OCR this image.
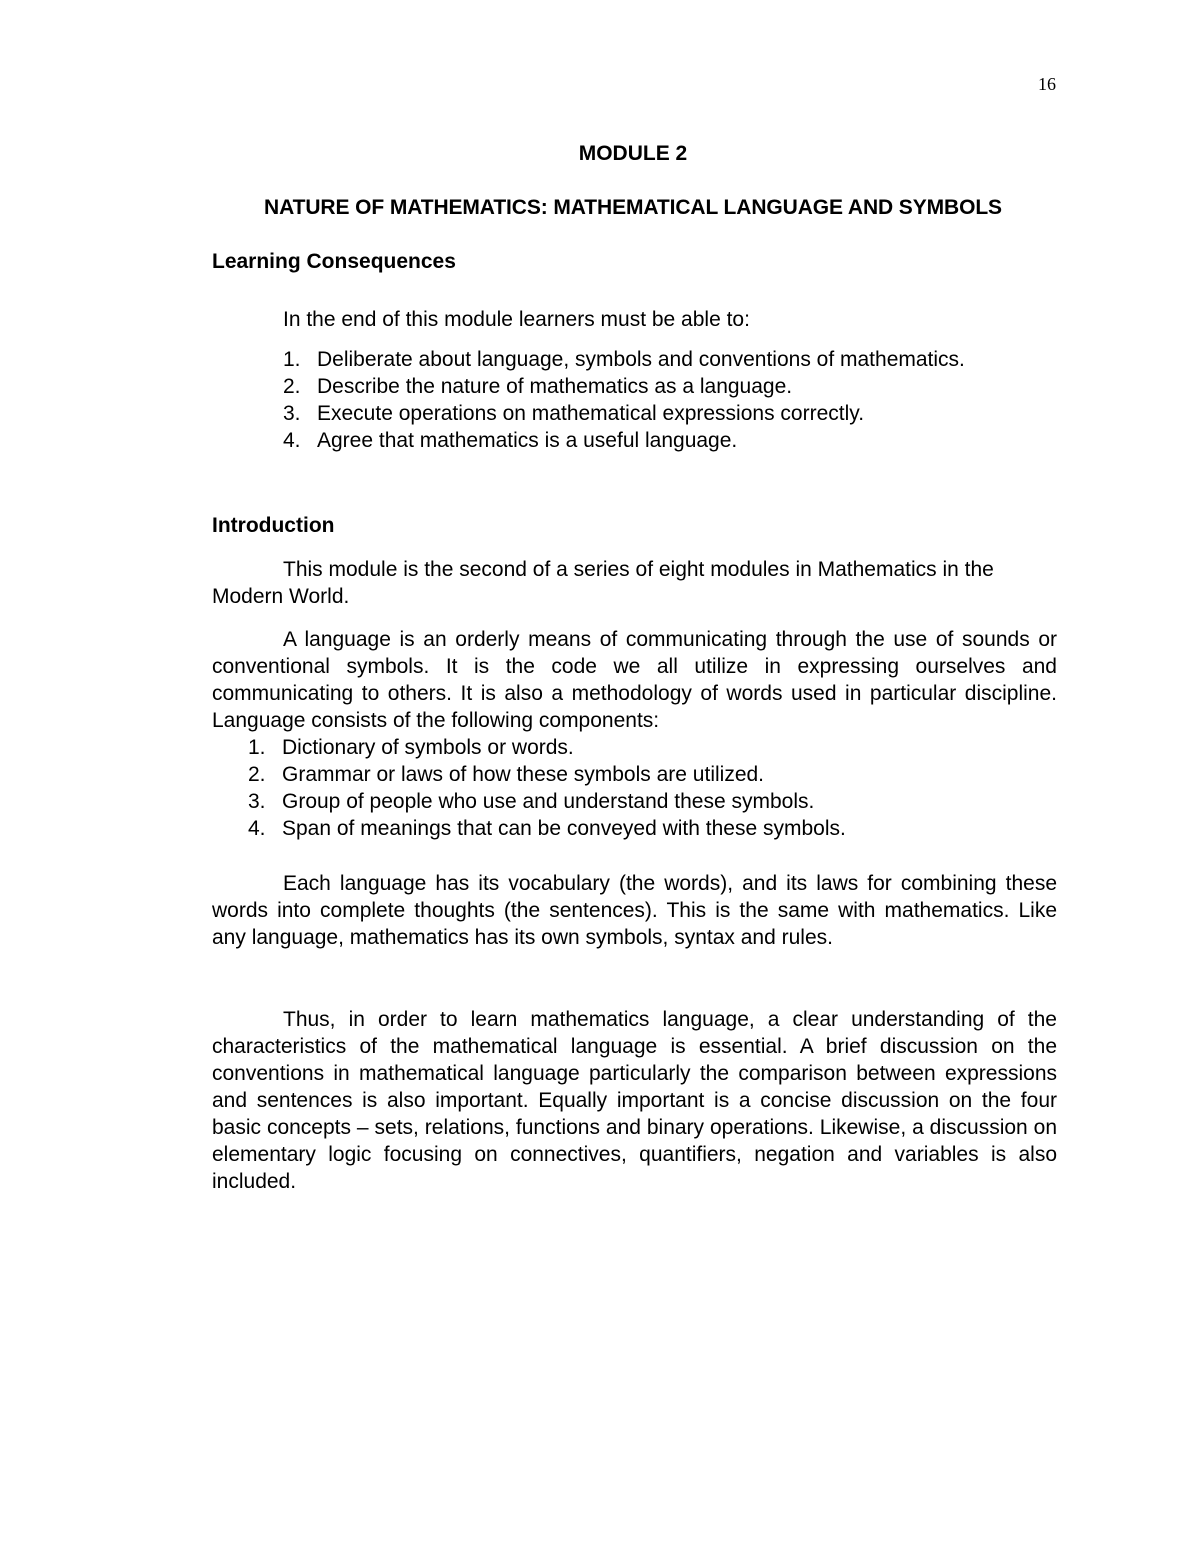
16
MODULE 2
NATURE OF MATHEMATICS: MATHEMATICAL LANGUAGE AND SYMBOLS
Learning Consequences
In the end of this module learners must be able to:
1. Deliberate about language, symbols and conventions of mathematics.
2. Describe the nature of mathematics as a language.
3. Execute operations on mathematical expressions correctly.
4. Agree that mathematics is a useful language.
Introduction

This module is the second of a series of eight modules in Mathematics in the Modern World.

A language is an orderly means of communicating through the use of sounds or conventional symbols. It is the code we all utilize in expressing ourselves and communicating to others. It is also a methodology of words used in particular discipline. Language consists of the following components:

1. Dictionary of symbols or words.
2. Grammar or laws of how these symbols are utilized.
3. Group of people who use and understand these symbols.
4. Span of meanings that can be conveyed with these symbols.

Each language has its vocabulary (the words), and its laws for combining these words into complete thoughts (the sentences). This is the same with mathematics. Like any language, mathematics has its own symbols, syntax and rules.

Thus, in order to learn mathematics language, a clear understanding of the characteristics of the mathematical language is essential. A brief discussion on the conventions in mathematical language particularly the comparison between expressions and sentences is also important. Equally important is a concise discussion on the four basic concepts – sets, relations, functions and binary operations. Likewise, a discussion on elementary logic focusing on connectives, quantifiers, negation and variables is also included.
